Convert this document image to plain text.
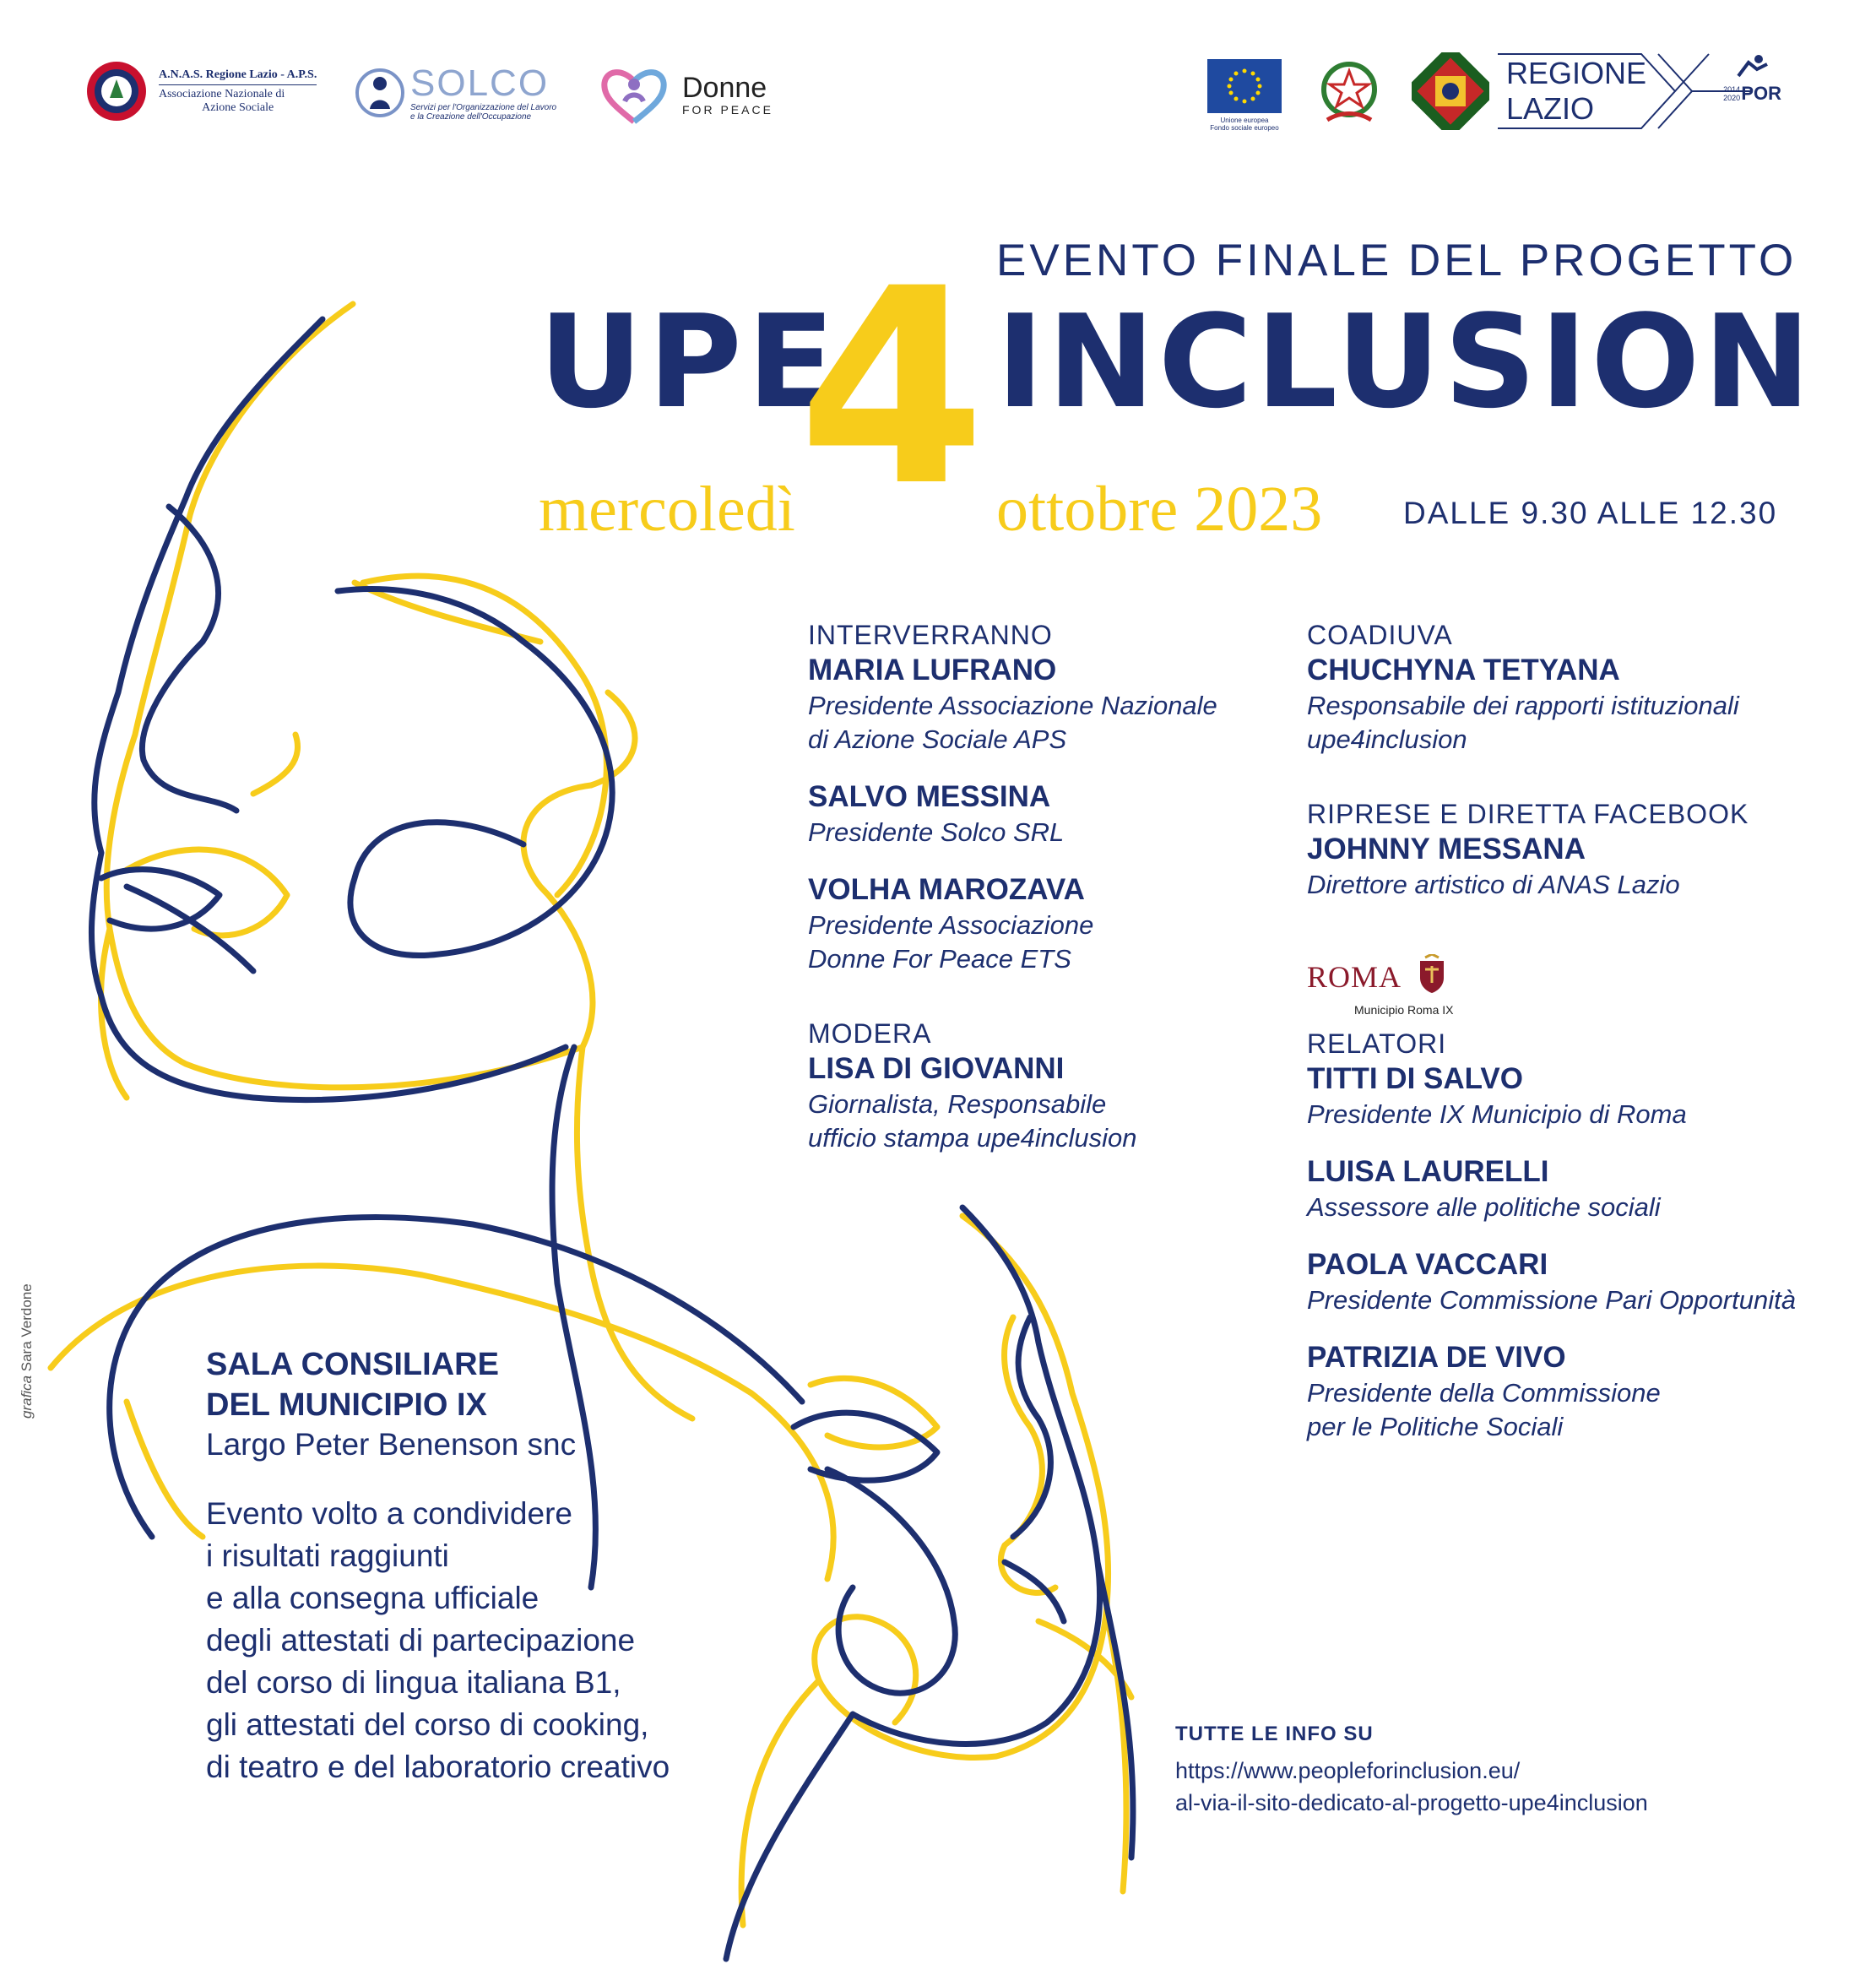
A.N.A.S. Regione Lazio - A.P.S.
Associazione Nazionale di
Azione Sociale
SOLCO
Servizi per l'Organizzazione del Lavoro
e la Creazione dell'Occupazione
Donne
FOR PEACE
Unione europea
Fondo sociale europeo
REGIONE
LAZIO
2014 2020 POR
EVENTO FINALE DEL PROGETTO
UPE
4 INCLUSION
mercoledì	ottobre 2023	DALLE 9.30 ALLE 12.30

INTERVERRANNO

MARIA LUFRANO

Presidente Associazione Nazionale
di Azione Sociale APS

SALVO MESSINA

Presidente Solco SRL

VOLHA MAROZAVA

Presidente Associazione
Donne For Peace ETS

MODERA

LISA DI GIOVANNI

Giornalista, Responsabile
ufficio stampa upe4inclusion

COADIUVA

CHUCHYNA TETYANA

Responsabile dei rapporti istituzionali
upe4inclusion

RIPRESE E DIRETTA FACEBOOK

JOHNNY MESSANA

Direttore artistico di ANAS Lazio

ROMA
Municipio Roma IX

RELATORI

TITTI DI SALVO

Presidente IX Municipio di Roma

LUISA LAURELLI

Assessore alle politiche sociali

PAOLA VACCARI

Presidente Commissione Pari Opportunità

PATRIZIA DE VIVO

Presidente della Commissione
per le Politiche Sociali

SALA CONSILIARE
DEL MUNICIPIO IX

Largo Peter Benenson snc

Evento volto a condividere
i risultati raggiunti
e alla consegna ufficiale
degli attestati di partecipazione
del corso di lingua italiana B1,
gli attestati del corso di cooking,
di teatro e del laboratorio creativo

TUTTE LE INFO SU

https://www.peopleforinclusion.eu/
al-via-il-sito-dedicato-al-progetto-upe4inclusion

grafica Sara Verdone
